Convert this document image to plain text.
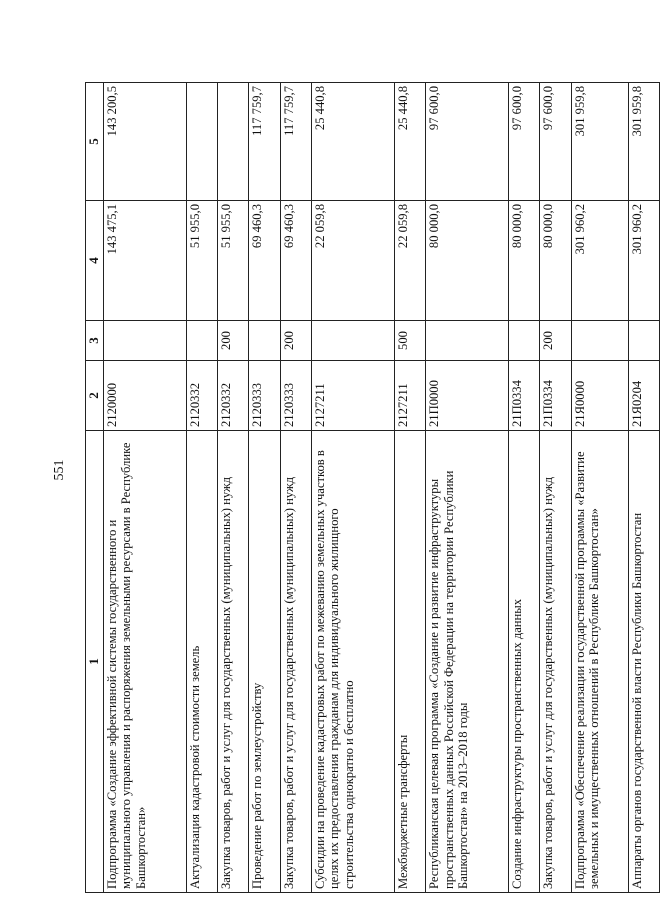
551
1	2	3	4	5
Подпрограмма «Создание эффективной системы государственного и муниципального управления и распоряжения земельными ресурсами в Республике Башкортостан»	2120000		143 475,1	143 200,5
Актуализация кадастровой стоимости земель	2120332		51 955,0	
Закупка товаров, работ и услуг для государственных (муниципальных) нужд	2120332	200	51 955,0	
Проведение работ по землеустройству	2120333		69 460,3	117 759,7
Закупка товаров, работ и услуг для государственных (муниципальных) нужд	2120333	200	69 460,3	117 759,7
Субсидии на проведение кадастровых работ по межеванию земельных участков в целях их предоставления гражданам для индивидуального жилищного строительства однократно и бесплатно	2127211		22 059,8	25 440,8
Межбюджетные трансферты	2127211	500	22 059,8	25 440,8
Республиканская целевая программа «Создание и развитие инфраструктуры пространственных данных Российской Федерации на территории Республики Башкортостан» на 2013–2018 годы	21П0000		80 000,0	97 600,0
Создание инфраструктуры пространственных данных	21П0334		80 000,0	97 600,0
Закупка товаров, работ и услуг для государственных (муниципальных) нужд	21П0334	200	80 000,0	97 600,0
Подпрограмма «Обеспечение реализации государственной программы «Развитие земельных и имущественных отношений в Республике Башкортостан»	21Я0000		301 960,2	301 959,8
Аппараты органов государственной власти Республики Башкортостан	21Я0204		301 960,2	301 959,8
